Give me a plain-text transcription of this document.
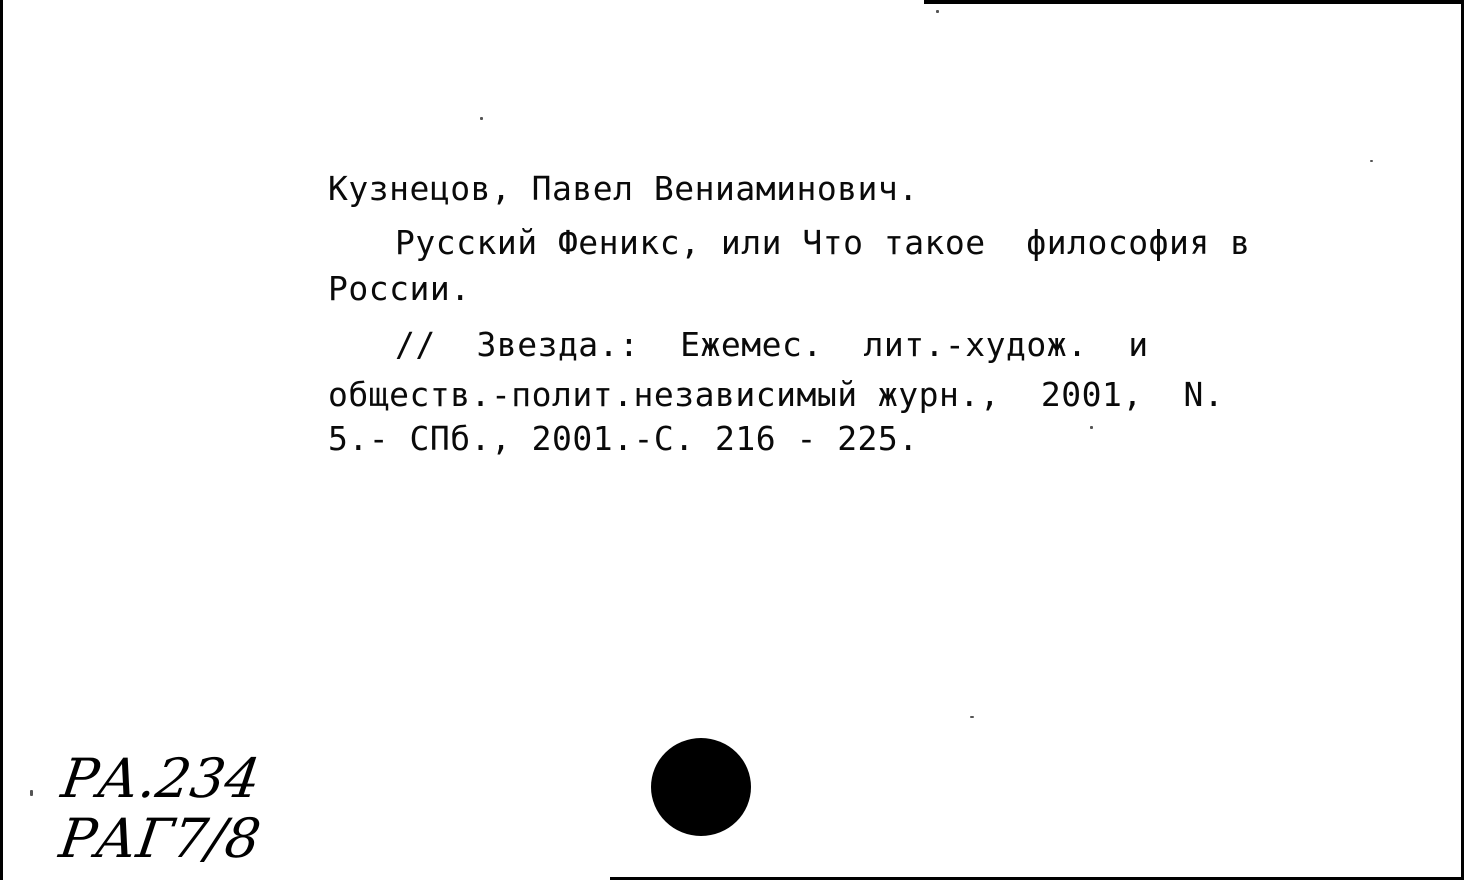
Кузнецов, Павел Вениаминович.
Русский Феникс, или Что такое  философия в
России.
//  Звезда.:  Ежемес.  лит.-худож.  и
обществ.-полит.независимый журн.,  2001,  N.
5.- СПб., 2001.-С. 216 - 225.
РА.234
РАГ7/8
